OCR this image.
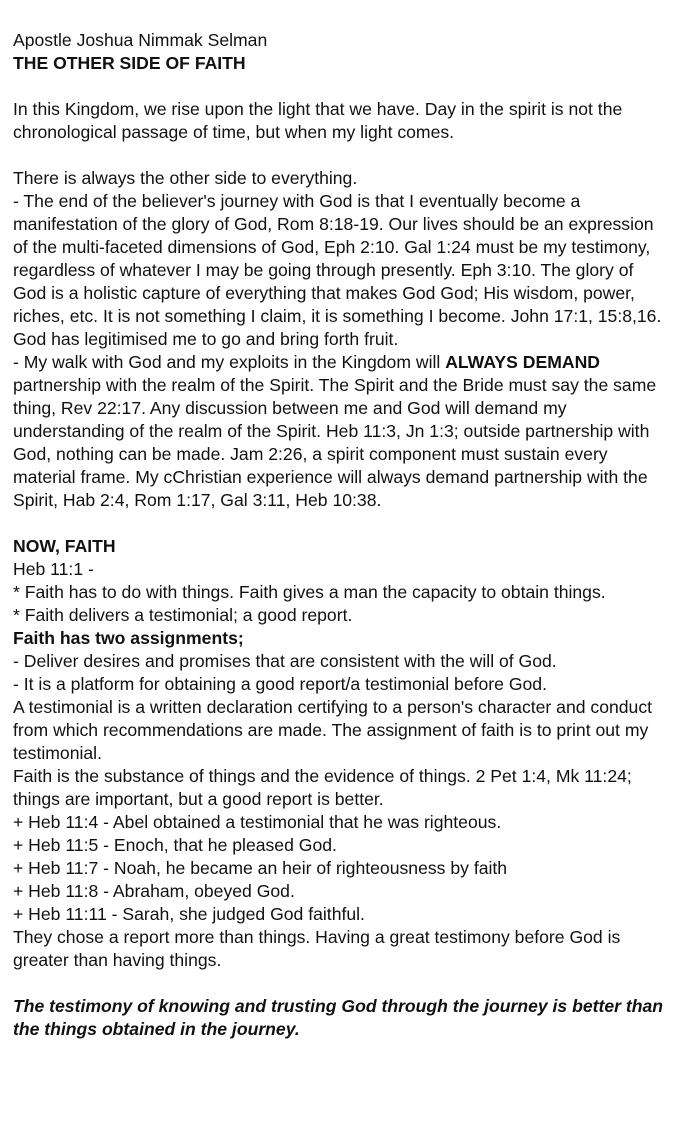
Apostle Joshua Nimmak Selman
THE OTHER SIDE OF FAITH
In this Kingdom, we rise upon the light that we have. Day in the spirit is not the chronological passage of time, but when my light comes.
There is always the other side to everything.
- The end of the believer's journey with God is that I eventually become a manifestation of the glory of God, Rom 8:18-19. Our lives should be an expression of the multi-faceted dimensions of God, Eph 2:10. Gal 1:24 must be my testimony, regardless of whatever I may be going through presently. Eph 3:10. The glory of God is a holistic capture of everything that makes God God; His wisdom, power, riches, etc. It is not something I claim, it is something I become. John 17:1, 15:8,16. God has legitimised me to go and bring forth fruit.
- My walk with God and my exploits in the Kingdom will ALWAYS DEMAND partnership with the realm of the Spirit. The Spirit and the Bride must say the same thing, Rev 22:17. Any discussion between me and God will demand my understanding of the realm of the Spirit. Heb 11:3, Jn 1:3; outside partnership with God, nothing can be made. Jam 2:26, a spirit component must sustain every material frame. My cChristian experience will always demand partnership with the Spirit, Hab 2:4, Rom 1:17, Gal 3:11, Heb 10:38.
NOW, FAITH
Heb 11:1 -
* Faith has to do with things. Faith gives a man the capacity to obtain things.
* Faith delivers a testimonial; a good report.
Faith has two assignments;
- Deliver desires and promises that are consistent with the will of God.
- It is a platform for obtaining a good report/a testimonial before God.
A testimonial is a written declaration certifying to a person's character and conduct from which recommendations are made. The assignment of faith is to print out my testimonial.
Faith is the substance of things and the evidence of things. 2 Pet 1:4, Mk 11:24; things are important, but a good report is better.
+ Heb 11:4 - Abel obtained a testimonial that he was righteous.
+ Heb 11:5 - Enoch, that he pleased God.
+ Heb 11:7 - Noah, he became an heir of righteousness by faith
+ Heb 11:8 - Abraham, obeyed God.
+ Heb 11:11 - Sarah, she judged God faithful.
They chose a report more than things. Having a great testimony before God is greater than having things.
The testimony of knowing and trusting God through the journey is better than the things obtained in the journey.
